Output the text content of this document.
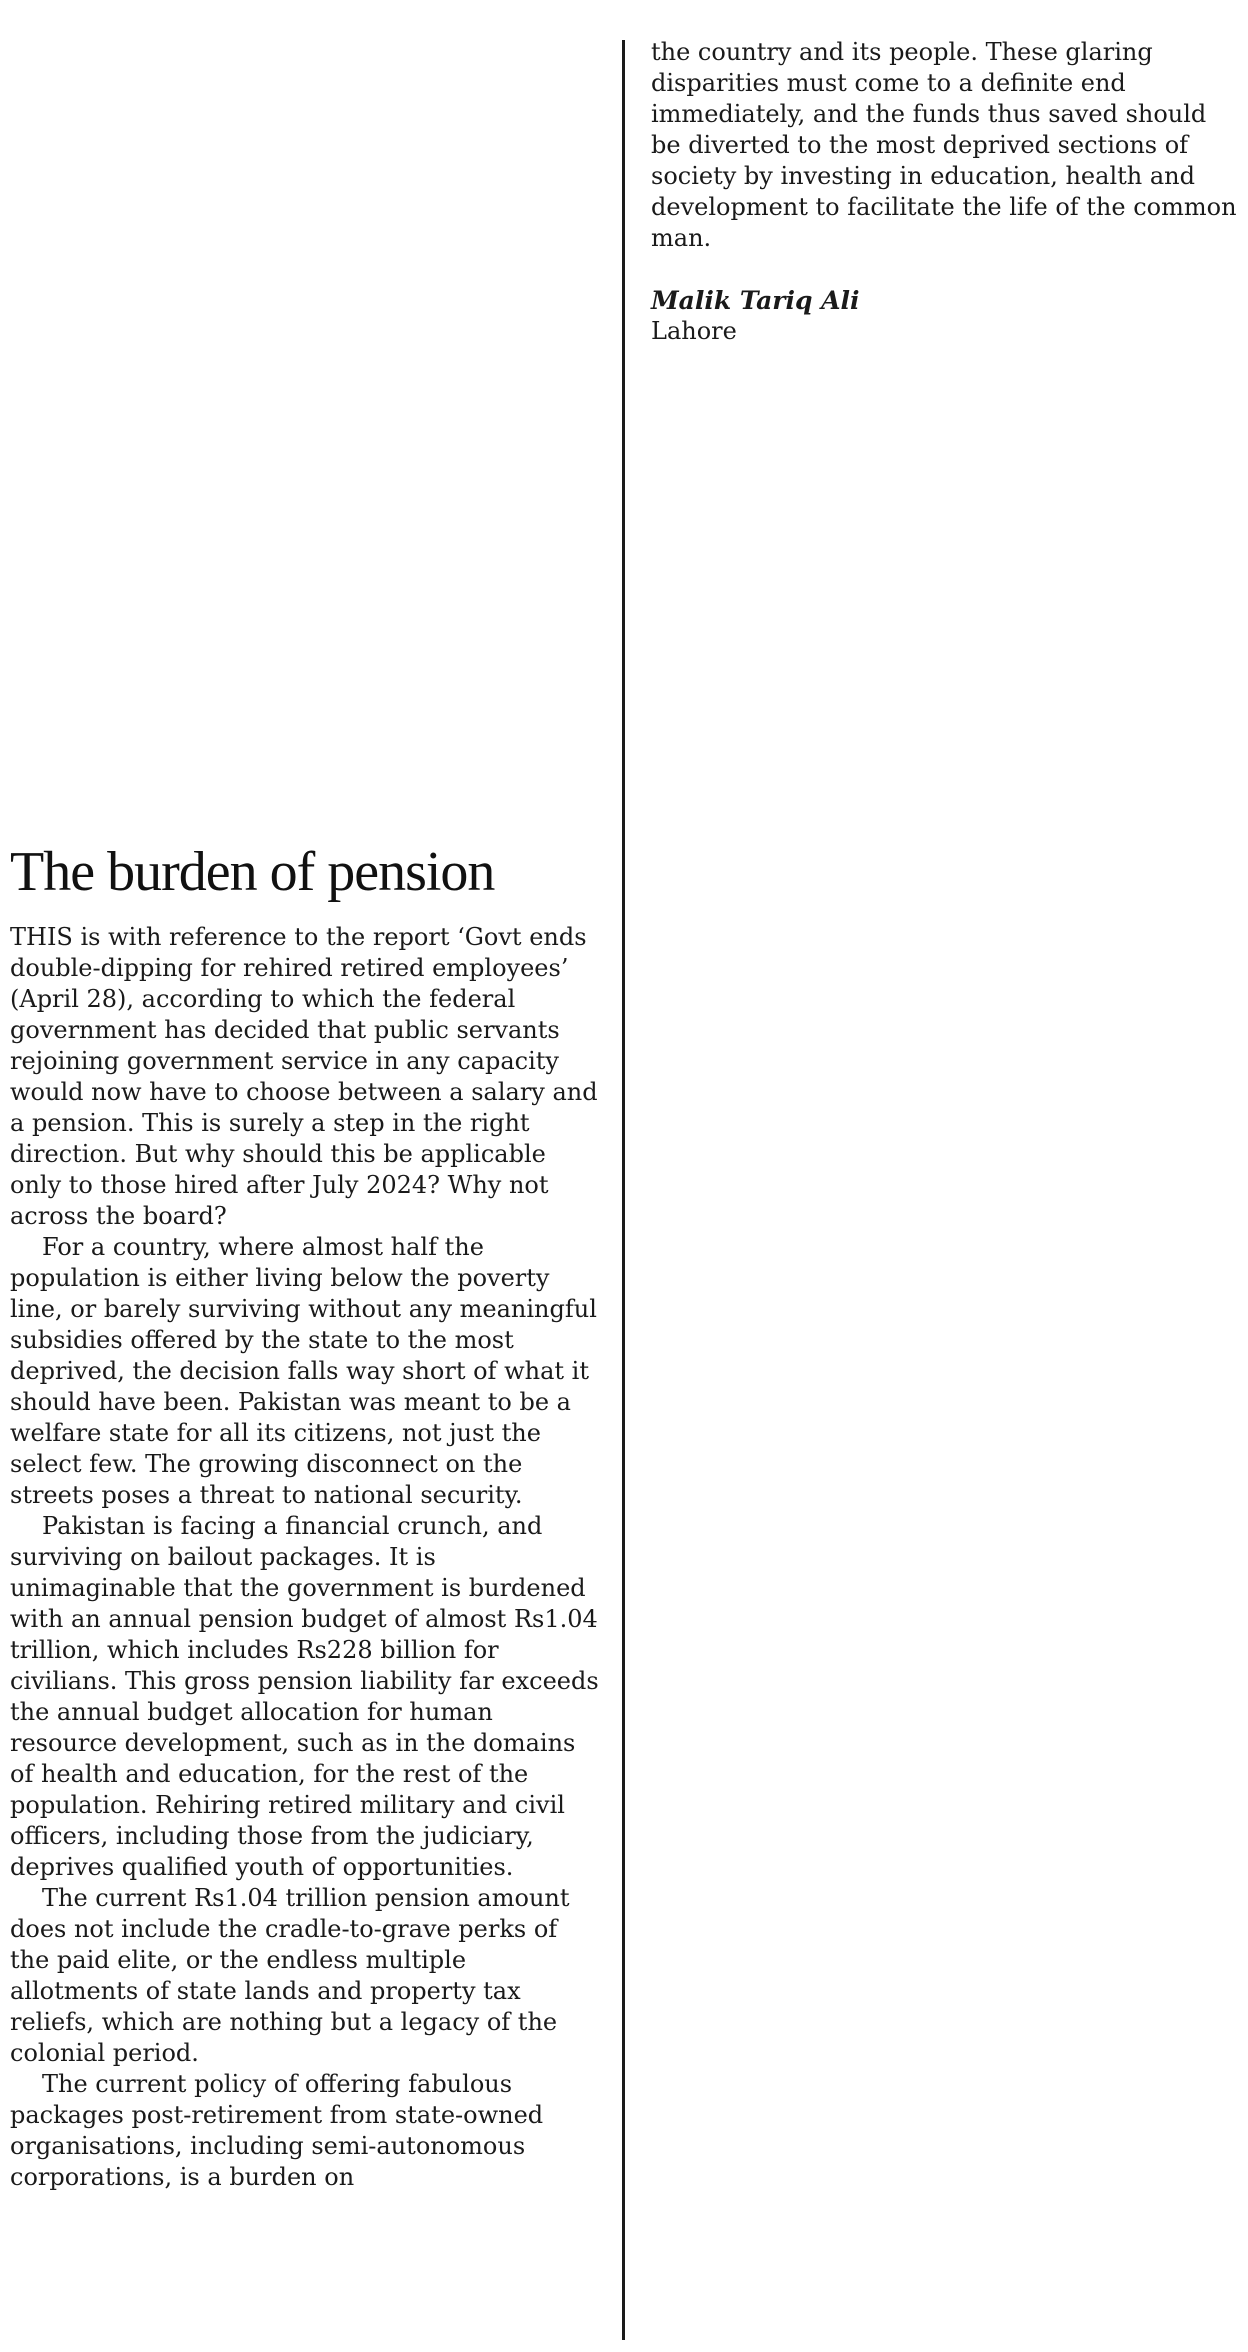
the country and its people. These glaring disparities must come to a definite end immediately, and the funds thus saved should be diverted to the most deprived sections of society by investing in education, health and development to facilitate the life of the common man.

Malik Tariq Ali

Lahore

The burden of pension

THIS is with reference to the report ‘Govt ends double-dipping for rehired retired employees’ (April 28), according to which the federal government has decided that public servants rejoining government service in any capacity would now have to choose between a salary and a pension. This is surely a step in the right direction. But why should this be applicable only to those hired after July 2024? Why not across the board?

For a country, where almost half the population is either living below the poverty line, or barely surviving without any meaningful subsidies offered by the state to the most deprived, the decision falls way short of what it should have been. Pakistan was meant to be a welfare state for all its citizens, not just the select few. The growing disconnect on the streets poses a threat to national security.

Pakistan is facing a financial crunch, and surviving on bailout packages. It is unimaginable that the government is burdened with an annual pension budget of almost Rs1.04 trillion, which includes Rs228 billion for civilians. This gross pension liability far exceeds the annual budget allocation for human resource development, such as in the domains of health and education, for the rest of the population. Rehiring retired military and civil officers, including those from the judiciary, deprives qualified youth of opportunities.

The current Rs1.04 trillion pension amount does not include the cradle-to-grave perks of the paid elite, or the endless multiple allotments of state lands and property tax reliefs, which are nothing but a legacy of the colonial period.

The current policy of offering fabulous packages post-retirement from state-owned organisations, including semi-autonomous corporations, is a burden on
